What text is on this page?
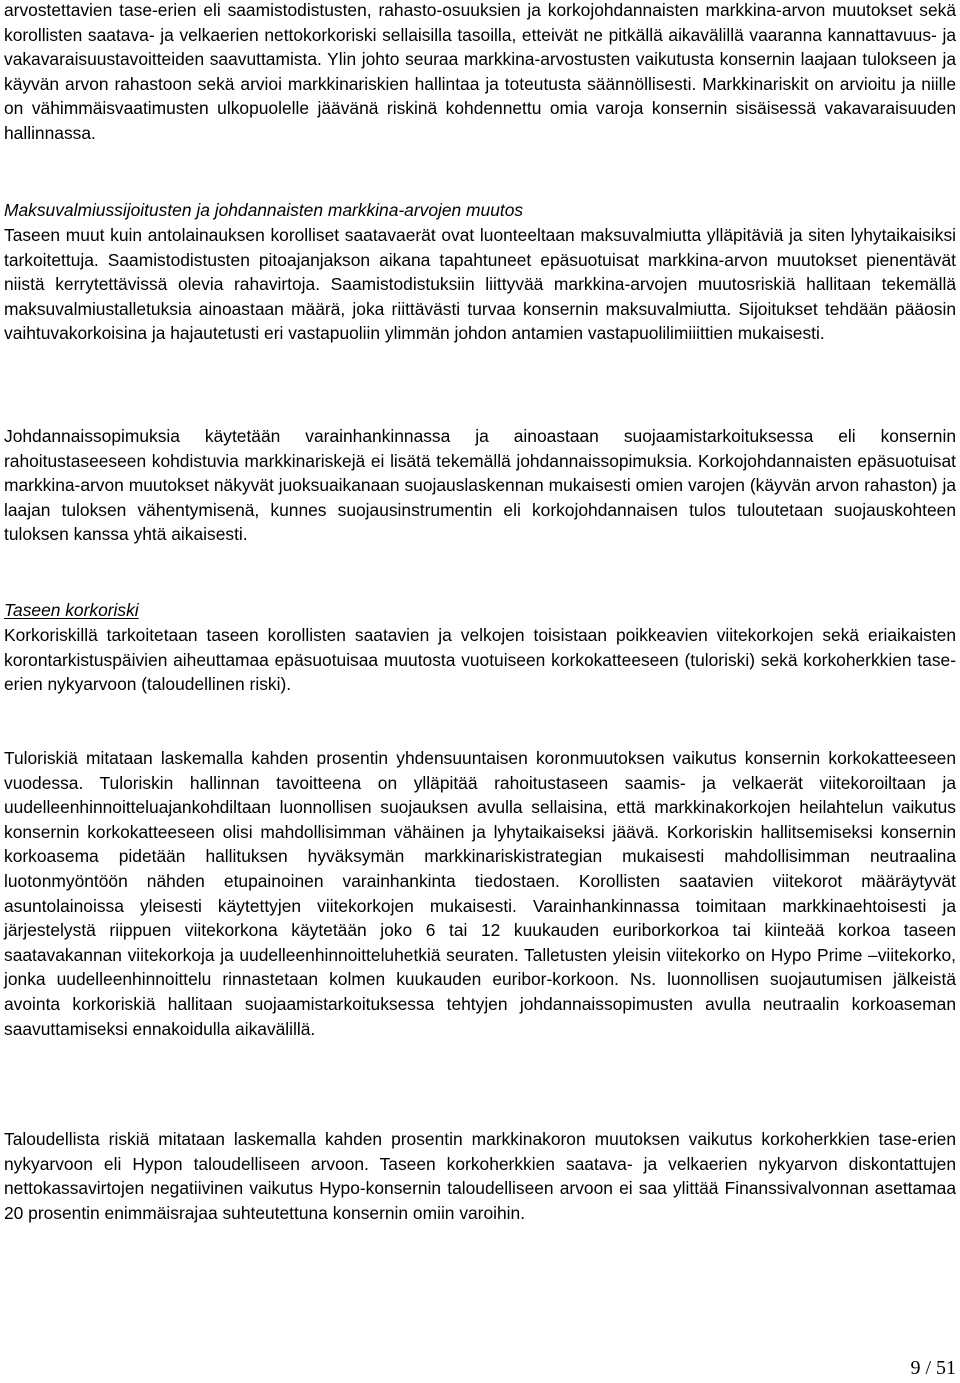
arvostettavien tase-erien eli saamistodistusten, rahasto-osuuksien ja korkojohdannaisten markkina-arvon muutokset sekä korollisten saatava- ja velkaerien nettokorkoriski sellaisilla tasoilla, etteivät ne pitkällä aikavälillä vaaranna kannattavuus- ja vakavaraisuustavoitteiden saavuttamista. Ylin johto seuraa markkina-arvostusten vaikutusta konsernin laajaan tulokseen ja käyvän arvon rahastoon sekä arvioi markkinariskien hallintaa ja toteutusta säännöllisesti. Markkinariskit on arvioitu ja niille on vähimmäisvaatimusten ulkopuolelle jäävänä riskinä kohdennettu omia varoja konsernin sisäisessä vakavaraisuuden hallinnassa.

Maksuvalmiussijoitusten ja johdannaisten markkina-arvojen muutos

Taseen muut kuin antolainauksen korolliset saatavaerät ovat luonteeltaan maksuvalmiutta ylläpitäviä ja siten lyhytaikaisiksi tarkoitettuja. Saamistodistusten pitoajanjakson aikana tapahtuneet epäsuotuisat markkina-arvon muutokset pienentävät niistä kerrytettävissä olevia rahavirtoja. Saamistodistuksiin liittyvää markkina-arvojen muutosriskiä hallitaan tekemällä maksuvalmiustalletuksia ainoastaan määrä, joka riittävästi turvaa konsernin maksuvalmiutta. Sijoitukset tehdään pääosin vaihtuvakorkoisina ja hajautetusti eri vastapuoliin ylimmän johdon antamien vastapuolilimiiittien mukaisesti.

Johdannaissopimuksia käytetään varainhankinnassa ja ainoastaan suojaamistarkoituksessa eli konsernin rahoitustaseeseen kohdistuvia markkinariskejä ei lisätä tekemällä johdannaissopimuksia. Korkojohdannaisten epäsuotuisat markkina-arvon muutokset näkyvät juoksuaikanaan suojauslaskennan mukaisesti omien varojen (käyvän arvon rahaston) ja laajan tuloksen vähentymisenä, kunnes suojausinstrumentin eli korkojohdannaisen tulos tuloutetaan suojauskohteen tuloksen kanssa yhtä aikaisesti.

Taseen korkoriski

Korkoriskillä tarkoitetaan taseen korollisten saatavien ja velkojen toisistaan poikkeavien viitekorkojen sekä eriaikaisten korontarkistuspäivien aiheuttamaa epäsuotuisaa muutosta vuotuiseen korkokatteeseen (tuloriski) sekä korkoherkkien tase-erien nykyarvoon (taloudellinen riski).

Tuloriskiä mitataan laskemalla kahden prosentin yhdensuuntaisen koronmuutoksen vaikutus konsernin korkokatteeseen vuodessa. Tuloriskin hallinnan tavoitteena on ylläpitää rahoitustaseen saamis- ja velkaerät viitekoroiltaan ja uudelleenhinnoitteluajankohdiltaan luonnollisen suojauksen avulla sellaisina, että markkinakorkojen heilahtelun vaikutus konsernin korkokatteeseen olisi mahdollisimman vähäinen ja lyhytaikaiseksi jäävä. Korkoriskin hallitsemiseksi konsernin korkoasema pidetään hallituksen hyväksymän markkinariskistrategian mukaisesti mahdollisimman neutraalina luotonmyöntöön nähden etupainoinen varainhankinta tiedostaen. Korollisten saatavien viitekorot määräytyvät asuntolainoissa yleisesti käytettyjen viitekorkojen mukaisesti. Varainhankinnassa toimitaan markkinaehtoisesti ja järjestelystä riippuen viitekorkona käytetään joko 6 tai 12 kuukauden euriborkorkoa tai kiinteää korkoa taseen saatavakannan viitekorkoja ja uudelleenhinnoitteluhetkiä seuraten. Talletusten yleisin viitekorko on Hypo Prime –viitekorko, jonka uudelleenhinnoittelu rinnastetaan kolmen kuukauden euribor-korkoon. Ns. luonnollisen suojautumisen jälkeistä avointa korkoriskiä hallitaan suojaamistarkoituksessa tehtyjen johdannaissopimusten avulla neutraalin korkoaseman saavuttamiseksi ennakoidulla aikavälillä.

Taloudellista riskiä mitataan laskemalla kahden prosentin markkinakoron muutoksen vaikutus korkoherkkien tase-erien nykyarvoon eli Hypon taloudelliseen arvoon. Taseen korkoherkkien saatava- ja velkaerien nykyarvon diskontattujen nettokassavirtojen negatiivinen vaikutus Hypo-konsernin taloudelliseen arvoon ei saa ylittää Finanssivalvonnan asettamaa 20 prosentin enimmäisrajaa suhteutettuna konsernin omiin varoihin.

9 / 51
